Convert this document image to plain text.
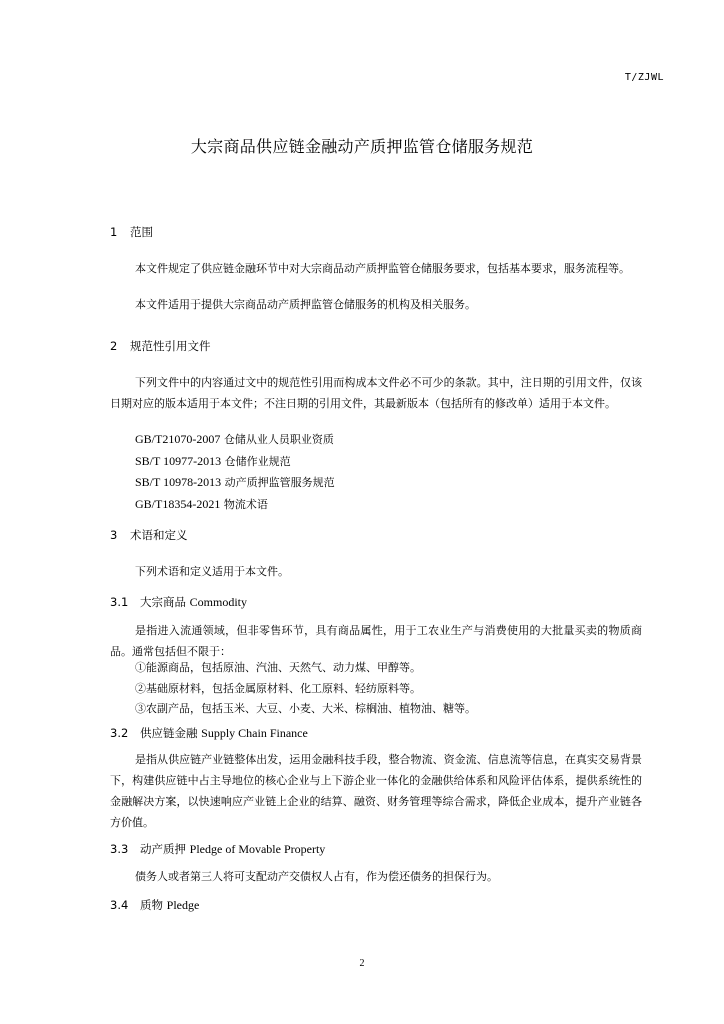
T/ZJWL
大宗商品供应链金融动产质押监管仓储服务规范
1 范围
本文件规定了供应链金融环节中对大宗商品动产质押监管仓储服务要求，包括基本要求，服务流程等。
本文件适用于提供大宗商品动产质押监管仓储服务的机构及相关服务。
2 规范性引用文件
下列文件中的内容通过文中的规范性引用而构成本文件必不可少的条款。其中，注日期的引用文件，仅该日期对应的版本适用于本文件；不注日期的引用文件，其最新版本（包括所有的修改单）适用于本文件。
GB/T21070-2007 仓储从业人员职业资质
SB/T 10977-2013 仓储作业规范
SB/T 10978-2013 动产质押监管服务规范
GB/T18354-2021 物流术语
3 术语和定义
下列术语和定义适用于本文件。
3.1 大宗商品 Commodity
是指进入流通领域，但非零售环节，具有商品属性，用于工农业生产与消费使用的大批量买卖的物质商品。通常包括但不限于：
①能源商品，包括原油、汽油、天然气、动力煤、甲醇等。
②基础原材料，包括金属原材料、化工原料、轻纺原料等。
③农副产品，包括玉米、大豆、小麦、大米、棕榈油、植物油、糖等。
3.2 供应链金融 Supply Chain Finance
是指从供应链产业链整体出发，运用金融科技手段，整合物流、资金流、信息流等信息，在真实交易背景下，构建供应链中占主导地位的核心企业与上下游企业一体化的金融供给体系和风险评估体系，提供系统性的金融解决方案，以快速响应产业链上企业的结算、融资、财务管理等综合需求，降低企业成本，提升产业链各方价值。
3.3 动产质押 Pledge of Movable Property
债务人或者第三人将可支配动产交债权人占有，作为偿还债务的担保行为。
3.4 质物 Pledge
2
